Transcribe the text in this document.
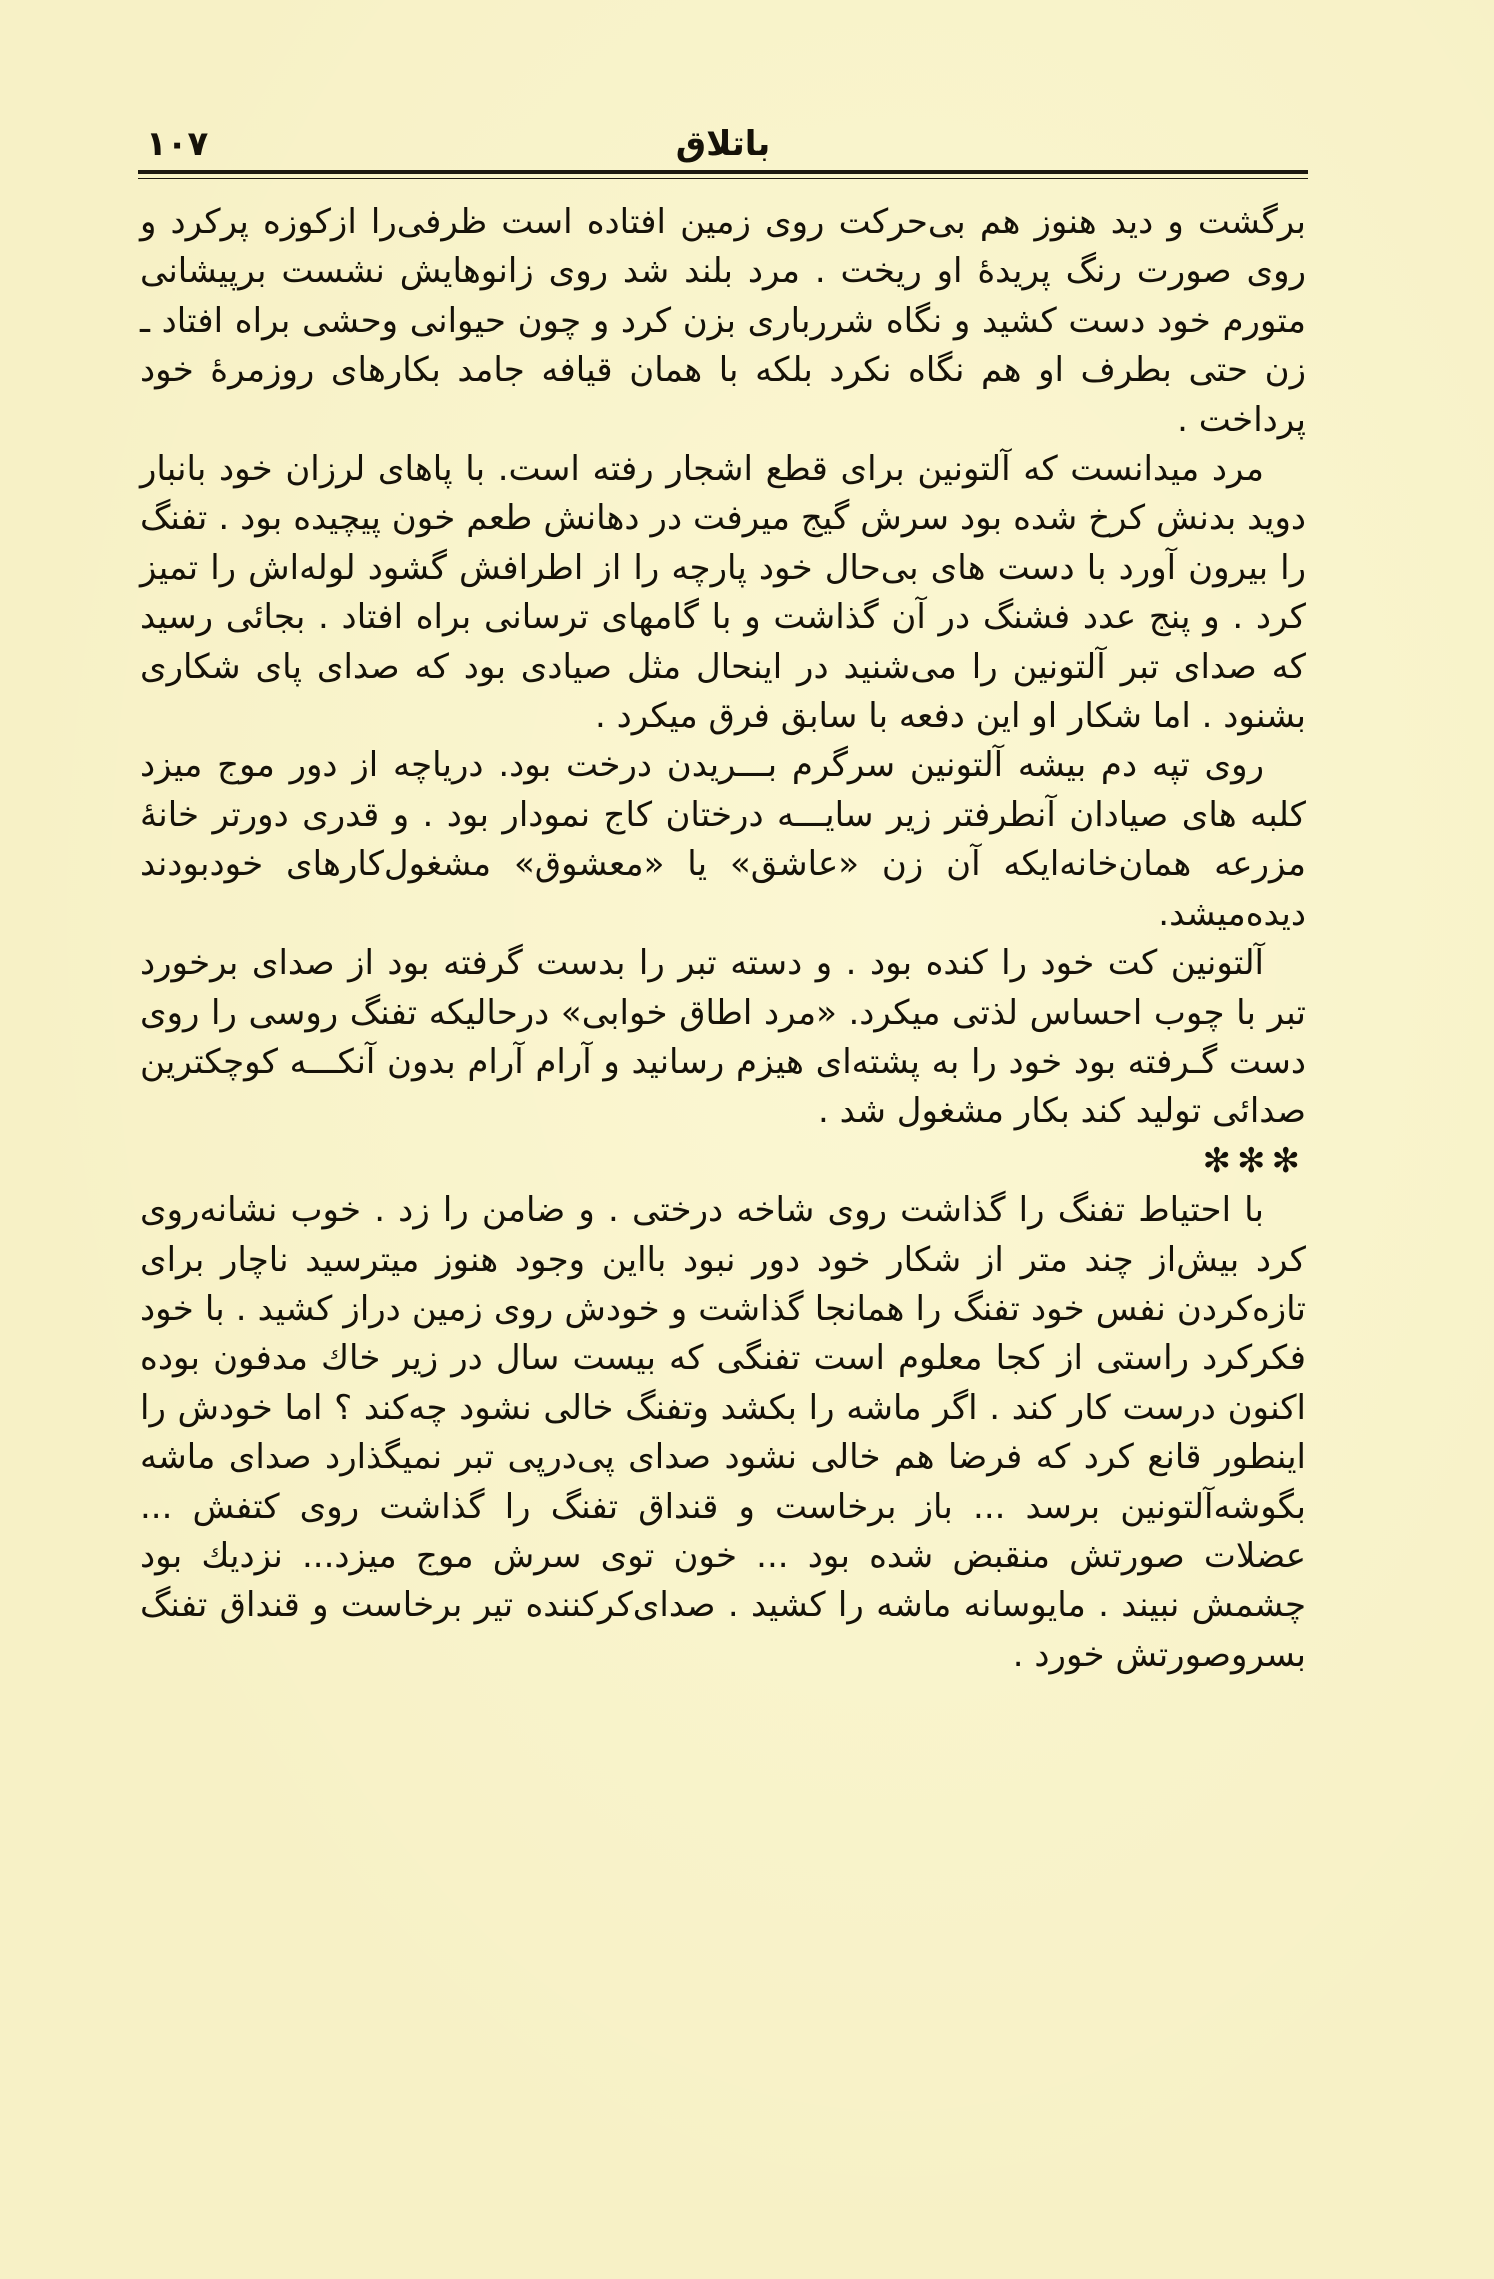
باتلاق
۱۰۷

برگشت و دید هنوز هم بی‌حرکت روی زمین افتاده است ظرفی‌را ازکوزه پرکرد و روی صورت رنگ پریدهٔ او ریخت . مرد بلند شد روی زانوهایش نشست برپیشانی متورم خود دست کشید و نگاه شررباری بزن کرد و چون حیوانی وحشی براه افتاد ـ زن حتی بطرف او هم نگاه نکرد بلکه با همان قیافه جامد بکارهای روزمرهٔ خود پرداخت .

مرد میدانست که آلتونین برای قطع اشجار رفته است. با پاهای لرزان خود بانبار دوید بدنش کرخ شده بود سرش گیج میرفت در دهانش طعم خون پیچیده بود . تفنگ را بیرون آورد با دست های بی‌حال خود پارچه را از اطرافش گشود لوله‌اش را تمیز کرد . و پنج عدد فشنگ در آن گذاشت و با گامهای ترسانی براه افتاد . بجائی رسید که صدای تبر آلتونین را می‌شنید در اینحال مثل صیادی بود که صدای پای شکاری بشنود . اما شکار او این دفعه با سابق فرق میکرد .

روی تپه دم بیشه آلتونین سرگرم بـــریدن درخت بود. دریاچه از دور موج میزد کلبه های صیادان آنطرفتر زیر سایـــه درختان کاج نمودار بود . و قدری دورتر خانهٔ مزرعه همان‌خانه‌ایکه آن زن «عاشق» یا «معشوق» مشغول‌کارهای خودبودند دیده‌میشد.

آلتونین کت خود را کنده بود . و دسته تبر را بدست گرفته بود از صدای برخورد تبر با چوب احساس لذتی میکرد. «مرد اطاق خوابی» درحالیکه تفنگ روسی را روی دست گـرفته بود خود را به پشته‌ای هیزم رسانید و آرام آرام بدون آنکـــه کوچکترین صدائی تولید کند بکار مشغول شد .

✻✻✻

با احتیاط تفنگ را گذاشت روی شاخه درختی . و ضامن را زد . خوب نشانه‌روی کرد بیش‌از چند متر از شکار خود دور نبود بااین وجود هنوز میترسید ناچار برای تازه‌کردن نفس خود تفنگ را همانجا گذاشت و خودش روی زمین دراز کشید . با خود فکرکرد راستی از کجا معلوم است تفنگی که بیست سال در زیر خاك مدفون بوده اکنون درست کار کند . اگر ماشه را بکشد وتفنگ خالی نشود چه‌کند ؟ اما خودش را اینطور قانع کرد که فرضا هم خالی نشود صدای پی‌درپی تبر نمیگذارد صدای ماشه بگوشه‌آلتونین برسد ... باز برخاست و قنداق تفنگ را گذاشت روی کتفش ... عضلات صورتش منقبض شده بود ... خون توی سرش موج میزد... نزدیك بود چشمش نبیند . مایوسانه ماشه را کشید . صدای‌کرکننده تیر برخاست و قنداق تفنگ بسروصورتش خورد .
